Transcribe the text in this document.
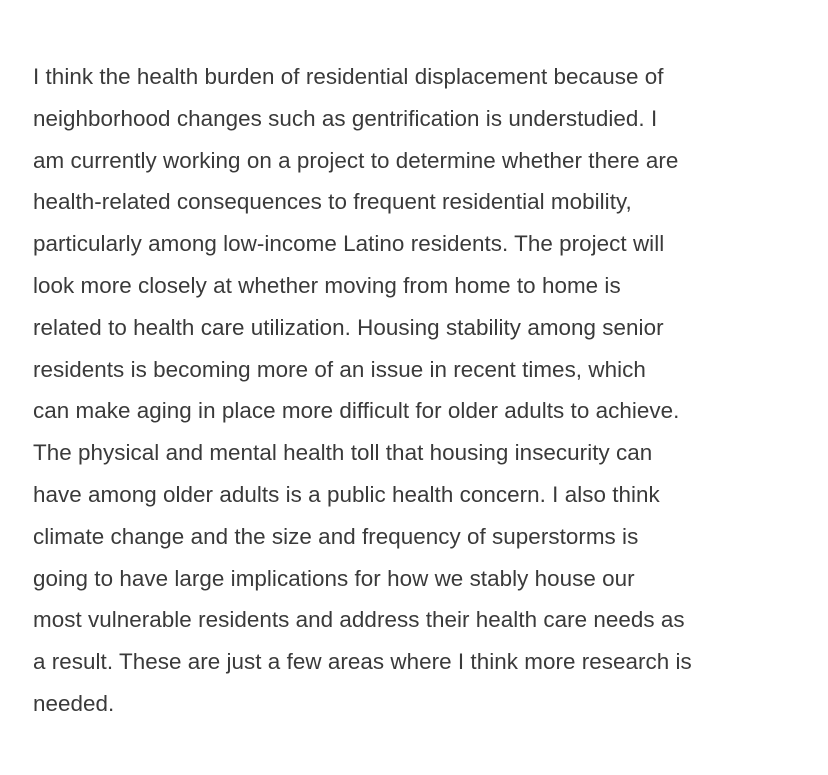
I think the health burden of residential displacement because of
neighborhood changes such as gentrification is understudied. I
am currently working on a project to determine whether there are
health-related consequences to frequent residential mobility,
particularly among low-income Latino residents. The project will
look more closely at whether moving from home to home is
related to health care utilization. Housing stability among senior
residents is becoming more of an issue in recent times, which
can make aging in place more difficult for older adults to achieve.
The physical and mental health toll that housing insecurity can
have among older adults is a public health concern. I also think
climate change and the size and frequency of superstorms is
going to have large implications for how we stably house our
most vulnerable residents and address their health care needs as
a result. These are just a few areas where I think more research is
needed.
